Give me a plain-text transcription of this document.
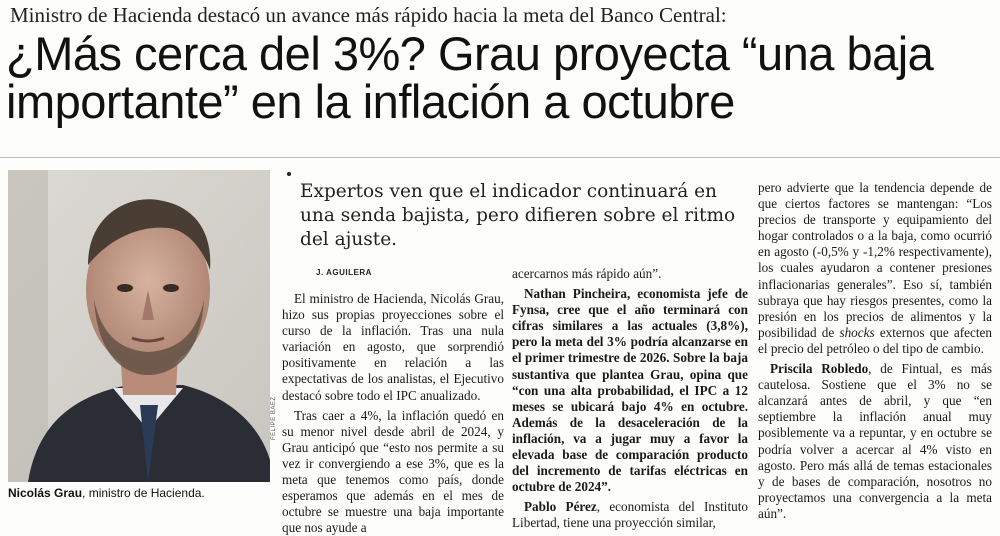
Ministro de Hacienda destacó un avance más rápido hacia la meta del Banco Central:
¿Más cerca del 3%? Grau proyecta “una baja importante” en la inflación a octubre
FELIPE BAEZ
Nicolás Grau, ministro de Hacienda.
Expertos ven que el indicador continuará en una senda bajista, pero difieren sobre el ritmo del ajuste.
J. AGUILERA

El ministro de Hacienda, Nicolás Grau, hizo sus propias proyecciones sobre el curso de la inflación. Tras una nula variación en agosto, que sorprendió positivamente en relación a las expectativas de los analistas, el Ejecutivo destacó sobre todo el IPC anualizado.

Tras caer a 4%, la inflación quedó en su menor nivel desde abril de 2024, y Grau anticipó que “esto nos permite a su vez ir convergiendo a ese 3%, que es la meta que tenemos como país, donde esperamos que además en el mes de octubre se muestre una baja importante que nos ayude a

acercarnos más rápido aún”.

Nathan Pincheira, economista jefe de Fynsa, cree que el año terminará con cifras similares a las actuales (3,8%), pero la meta del 3% podría alcanzarse en el primer trimestre de 2026. Sobre la baja sustantiva que plantea Grau, opina que “con una alta probabilidad, el IPC a 12 meses se ubicará bajo 4% en octubre. Además de la desaceleración de la inflación, va a jugar muy a favor la elevada base de comparación producto del incremento de tarifas eléctricas en octubre de 2024”.

Pablo Pérez, economista del Instituto Libertad, tiene una proyección similar,

pero advierte que la tendencia depende de que ciertos factores se mantengan: “Los precios de transporte y equipamiento del hogar controlados o a la baja, como ocurrió en agosto (-0,5% y -1,2% respectivamente), los cuales ayudaron a contener presiones inflacionarias generales”. Eso sí, también subraya que hay riesgos presentes, como la presión en los precios de alimentos y la posibilidad de shocks externos que afecten el precio del petróleo o del tipo de cambio.

Priscila Robledo, de Fintual, es más cautelosa. Sostiene que el 3% no se alcanzará antes de abril, y que “en septiembre la inflación anual muy posiblemente va a repuntar, y en octubre se podría volver a acercar al 4% visto en agosto. Pero más allá de temas estacionales y de bases de comparación, nosotros no proyectamos una convergencia a la meta aún”.
